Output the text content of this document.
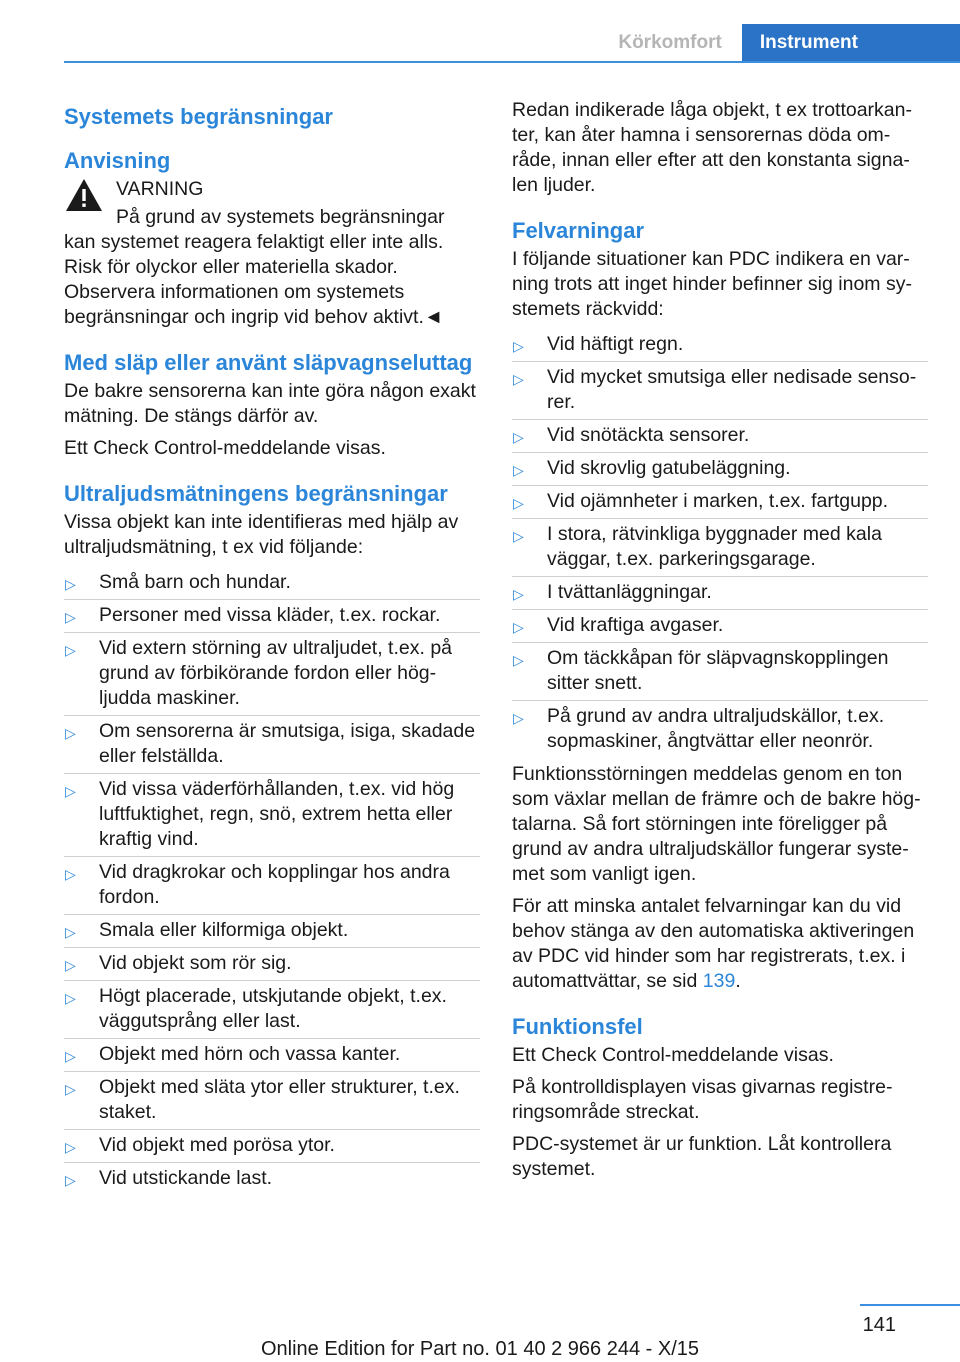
Körkomfort	Instrument
Systemets begränsningar
Anvisning

VARNING

På grund av systemets begränsningar kan systemet reagera felaktigt eller inte alls. Risk för olyckor eller materiella skador. Observera informationen om systemets begränsningar och ingrip vid behov aktivt.◄

Med släp eller använt släpvagnseluttag

De bakre sensorerna kan inte göra någon exakt mätning. De stängs därför av.

Ett Check Control-meddelande visas.

Ultraljudsmätningens begränsningar

Vissa objekt kan inte identifieras med hjälp av ultraljudsmätning, t ex vid följande:

▷ Små barn och hundar.
▷ Personer med vissa kläder, t.ex. rockar.
▷ Vid extern störning av ultraljudet, t.ex. på grund av förbikörande fordon eller högljudda maskiner.
▷ Om sensorerna är smutsiga, isiga, skadade eller felställda.
▷ Vid vissa väderförhållanden, t.ex. vid hög luftfuktighet, regn, snö, extrem hetta eller kraftig vind.
▷ Vid dragkrokar och kopplingar hos andra fordon.
▷ Smala eller kilformiga objekt.
▷ Vid objekt som rör sig.
▷ Högt placerade, utskjutande objekt, t.ex. väggutsprång eller last.
▷ Objekt med hörn och vassa kanter.
▷ Objekt med släta ytor eller strukturer, t.ex. staket.
▷ Vid objekt med porösa ytor.
▷ Vid utstickande last.

Redan indikerade låga objekt, t ex trottoarkanter, kan åter hamna i sensorernas döda område, innan eller efter att den konstanta signalen ljuder.

Felvarningar

I följande situationer kan PDC indikera en varning trots att inget hinder befinner sig inom systemets räckvidd:

▷ Vid häftigt regn.
▷ Vid mycket smutsiga eller nedisade sensorer.
▷ Vid snötäckta sensorer.
▷ Vid skrovlig gatubeläggning.
▷ Vid ojämnheter i marken, t.ex. fartgupp.
▷ I stora, rätvinkliga byggnader med kala väggar, t.ex. parkeringsgarage.
▷ I tvättanläggningar.
▷ Vid kraftiga avgaser.
▷ Om täckkåpan för släpvagnskopplingen sitter snett.
▷ På grund av andra ultraljudskällor, t.ex. sopmaskiner, ångtvättar eller neonrör.

Funktionsstörningen meddelas genom en ton som växlar mellan de främre och de bakre högtalarna. Så fort störningen inte föreligger på grund av andra ultraljudskällor fungerar systemet som vanligt igen.

För att minska antalet felvarningar kan du vid behov stänga av den automatiska aktiveringen av PDC vid hinder som har registrerats, t.ex. i automattvättar, se sid 139.

Funktionsfel

Ett Check Control-meddelande visas.

På kontrolldisplayen visas givarnas registreringsområde streckat.

PDC-systemet är ur funktion. Låt kontrollera systemet.

141
Online Edition for Part no. 01 40 2 966 244 - X/15
